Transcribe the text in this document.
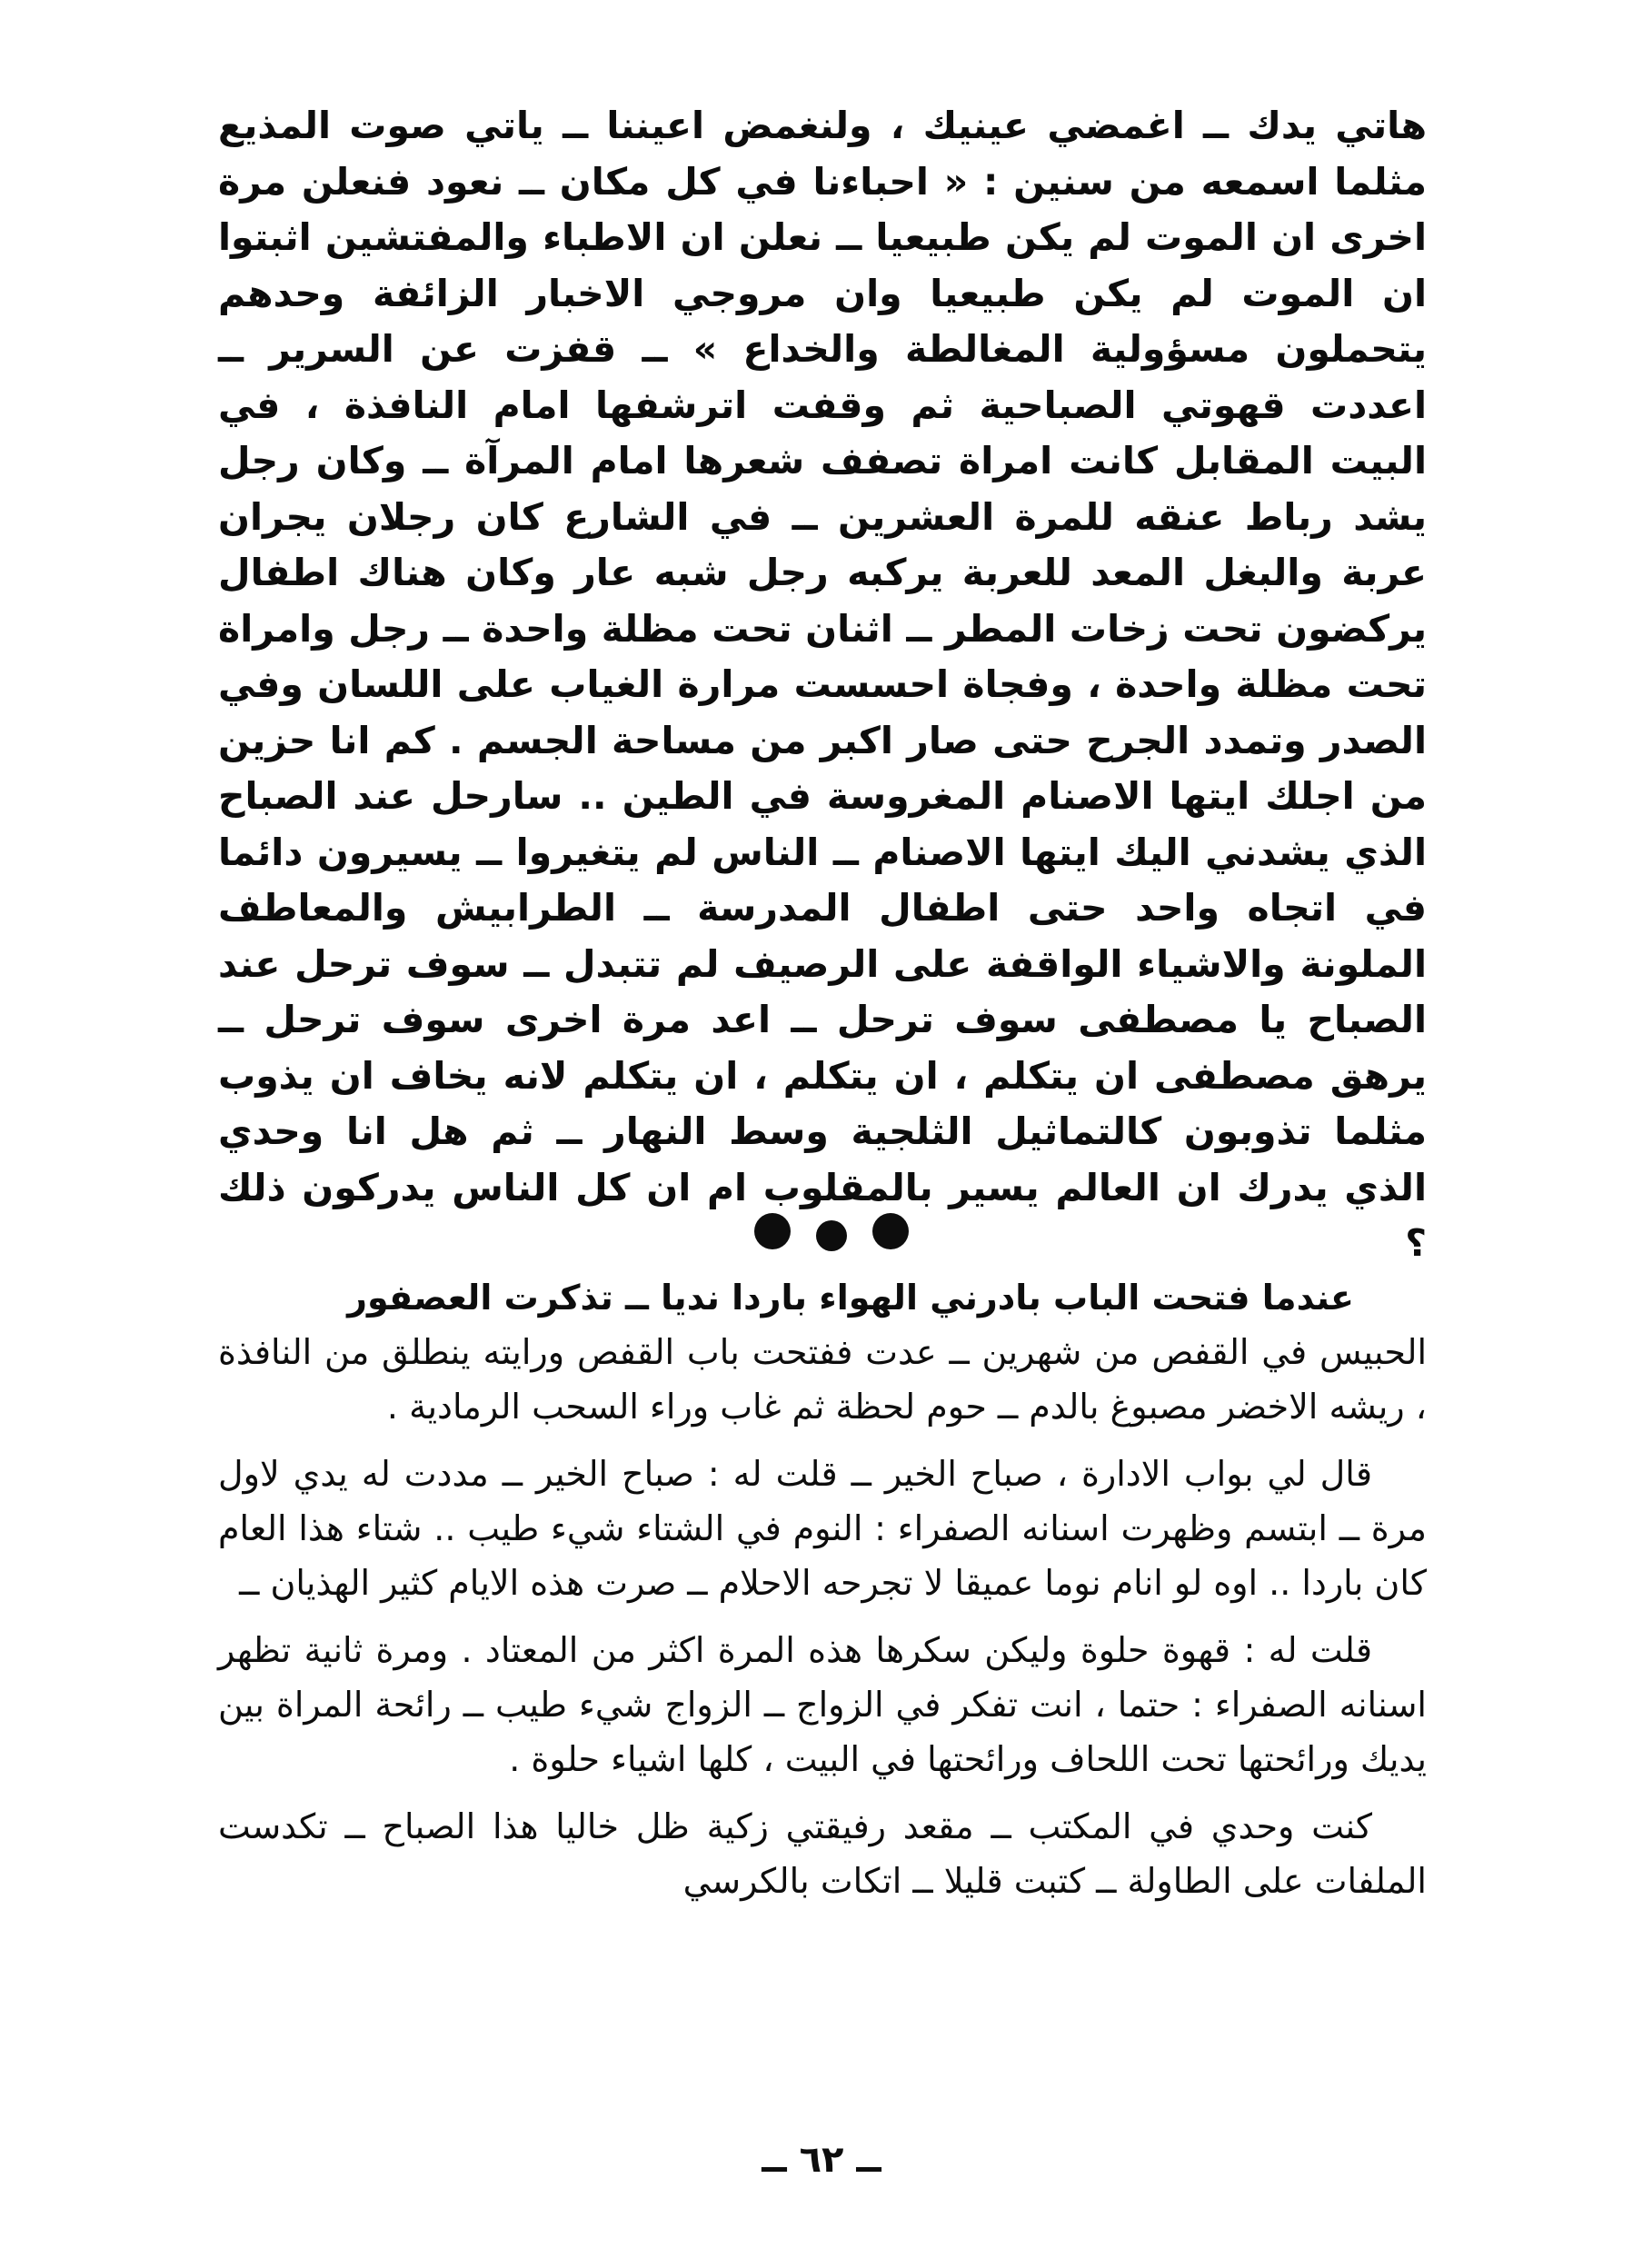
هاتي يدك ــ اغمضي عينيك ، ولنغمض اعيننا ــ ياتي صوت المذيع مثلما اسمعه من سنين : « احباءنا في كل مكان ــ نعود فنعلن مرة اخرى ان الموت لم يكن طبيعيا ــ نعلن ان الاطباء والمفتشين اثبتوا ان الموت لم يكن طبيعيا وان مروجي الاخبار الزائفة وحدهم يتحملون مسؤولية المغالطة والخداع » ــ قفزت عن السرير ــ اعددت قهوتي الصباحية ثم وقفت اترشفها امام النافذة ، في البيت المقابل كانت امراة تصفف شعرها امام المرآة ــ وكان رجل يشد رباط عنقه للمرة العشرين ــ في الشارع كان رجلان يجران عربة والبغل المعد للعربة يركبه رجل شبه عار وكان هناك اطفال يركضون تحت زخات المطر ــ اثنان تحت مظلة واحدة ــ رجل وامراة تحت مظلة واحدة ، وفجاة احسست مرارة الغياب على اللسان وفي الصدر وتمدد الجرح حتى صار اكبر من مساحة الجسم . كم انا حزين من اجلك ايتها الاصنام المغروسة في الطين .. سارحل عند الصباح الذي يشدني اليك ايتها الاصنام ــ الناس لم يتغيروا ــ يسيرون دائما في اتجاه واحد حتى اطفال المدرسة ــ الطرابيش والمعاطف الملونة والاشياء الواقفة على الرصيف لم تتبدل ــ سوف ترحل عند الصباح يا مصطفى سوف ترحل ــ اعد مرة اخرى سوف ترحل ــ يرهق مصطفى ان يتكلم ، ان يتكلم ، ان يتكلم لانه يخاف ان يذوب مثلما تذوبون كالتماثيل الثلجية وسط النهار ــ ثم هل انا وحدي الذي يدرك ان العالم يسير بالمقلوب ام ان كل الناس يدركون ذلك ؟

عندما فتحت الباب بادرني الهواء باردا نديا ــ تذكرت العصفور

الحبيس في القفص من شهرين ــ عدت ففتحت باب القفص ورايته ينطلق من النافذة ، ريشه الاخضر مصبوغ بالدم ــ حوم لحظة ثم غاب وراء السحب الرمادية .

قال لي بواب الادارة ، صباح الخير ــ قلت له : صباح الخير ــ مددت له يدي لاول مرة ــ ابتسم وظهرت اسنانه الصفراء : النوم في الشتاء شيء طيب .. شتاء هذا العام كان باردا .. اوه لو انام نوما عميقا لا تجرحه الاحلام ــ صرت هذه الايام كثير الهذيان ــ

قلت له : قهوة حلوة وليكن سكرها هذه المرة اكثر من المعتاد . ومرة ثانية تظهر اسنانه الصفراء : حتما ، انت تفكر في الزواج ــ الزواج شيء طيب ــ رائحة المراة بين يديك ورائحتها تحت اللحاف ورائحتها في البيت ، كلها اشياء حلوة .

كنت وحدي في المكتب ــ مقعد رفيقتي زكية ظل خاليا هذا الصباح ــ تكدست الملفات على الطاولة ــ كتبت قليلا ــ اتكات بالكرسي

ــ ٦٢ ــ
